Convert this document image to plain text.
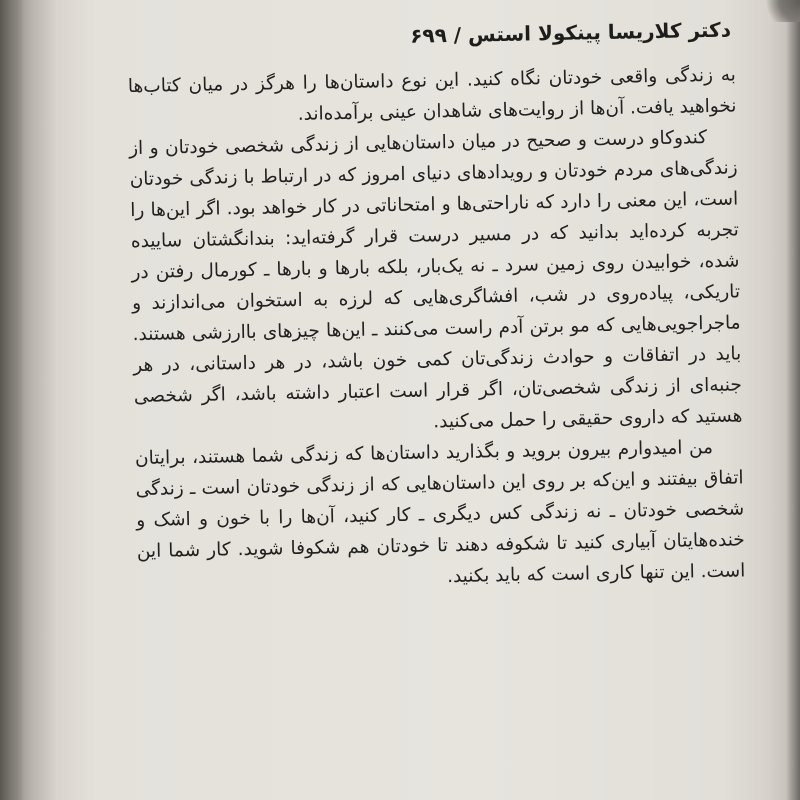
دکتر کلاریسا پینکولا استس / ۶۹۹

به زندگی واقعی خودتان نگاه کنید. این نوع داستان‌ها را هرگز در میان کتاب‌ها نخواهید یافت. آن‌ها از روایت‌های شاهدان عینی برآمده‌اند.

کندوکاو درست و صحیح در میان داستان‌هایی از زندگی شخصی خودتان و از زندگی‌های مردم خودتان و رویدادهای دنیای امروز که در ارتباط با زندگی خودتان است، این معنی را دارد که ناراحتی‌ها و امتحاناتی در کار خواهد بود. اگر این‌ها را تجربه کرده‌اید بدانید که در مسیر درست قرار گرفته‌اید: بندانگشتان ساییده شده، خوابیدن روی زمین سرد ـ نه یک‌بار، بلکه بارها و بارها ـ کورمال رفتن در تاریکی، پیاده‌روی در شب، افشاگری‌هایی که لرزه به استخوان می‌اندازند و ماجراجویی‌هایی که مو برتن آدم راست می‌کنند ـ این‌ها چیزهای باارزشی هستند. باید در اتفاقات و حوادث زندگی‌تان کمی خون باشد، در هر داستانی، در هر جنبه‌ای از زندگی شخصی‌تان، اگر قرار است اعتبار داشته باشد، اگر شخصی هستید که داروی حقیقی را حمل می‌کنید.

من امیدوارم بیرون بروید و بگذارید داستان‌ها که زندگی شما هستند، برایتان اتفاق بیفتند و این‌که بر روی این داستان‌هایی که از زندگی خودتان است ـ زندگی شخصی خودتان ـ نه زندگی کس دیگری ـ کار کنید، آن‌ها را با خون و اشک و خنده‌هایتان آبیاری کنید تا شکوفه دهند تا خودتان هم شکوفا شوید. کار شما این است. این تنها کاری است که باید بکنید.
